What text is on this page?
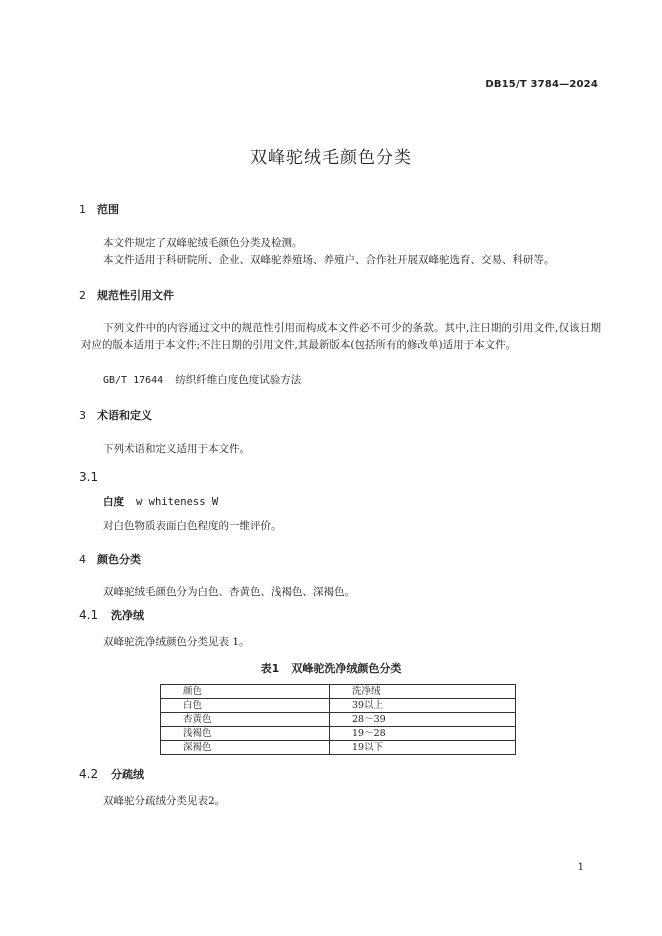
DB15/T 3784—2024
双峰驼绒毛颜色分类
1 范围
本文件规定了双峰驼绒毛颜色分类及检测。
本文件适用于科研院所、企业、双峰驼养殖场、养殖户、合作社开展双峰驼选育、交易、科研等。
2 规范性引用文件
下列文件中的内容通过文中的规范性引用而构成本文件必不可少的条款。其中,注日期的引用文件,仅该日期对应的版本适用于本文件;不注日期的引用文件,其最新版本(包括所有的修改单)适用于本文件。
GB/T 17644 纺织纤维白度色度试验方法
3 术语和定义
下列术语和定义适用于本文件。
3.1
白度 w whiteness W
对白色物质表面白色程度的一维评价。
4 颜色分类
双峰驼绒毛颜色分为白色、杏黄色、浅褐色、深褐色。
4.1 洗净绒
双峰驼洗净绒颜色分类见表 1。
表1 双峰驼洗净绒颜色分类
颜色	洗净绒
白色	39以上
杏黄色	28～39
浅褐色	19～28
深褐色	19以下
4.2 分疏绒
双峰驼分疏绒分类见表2。
1
